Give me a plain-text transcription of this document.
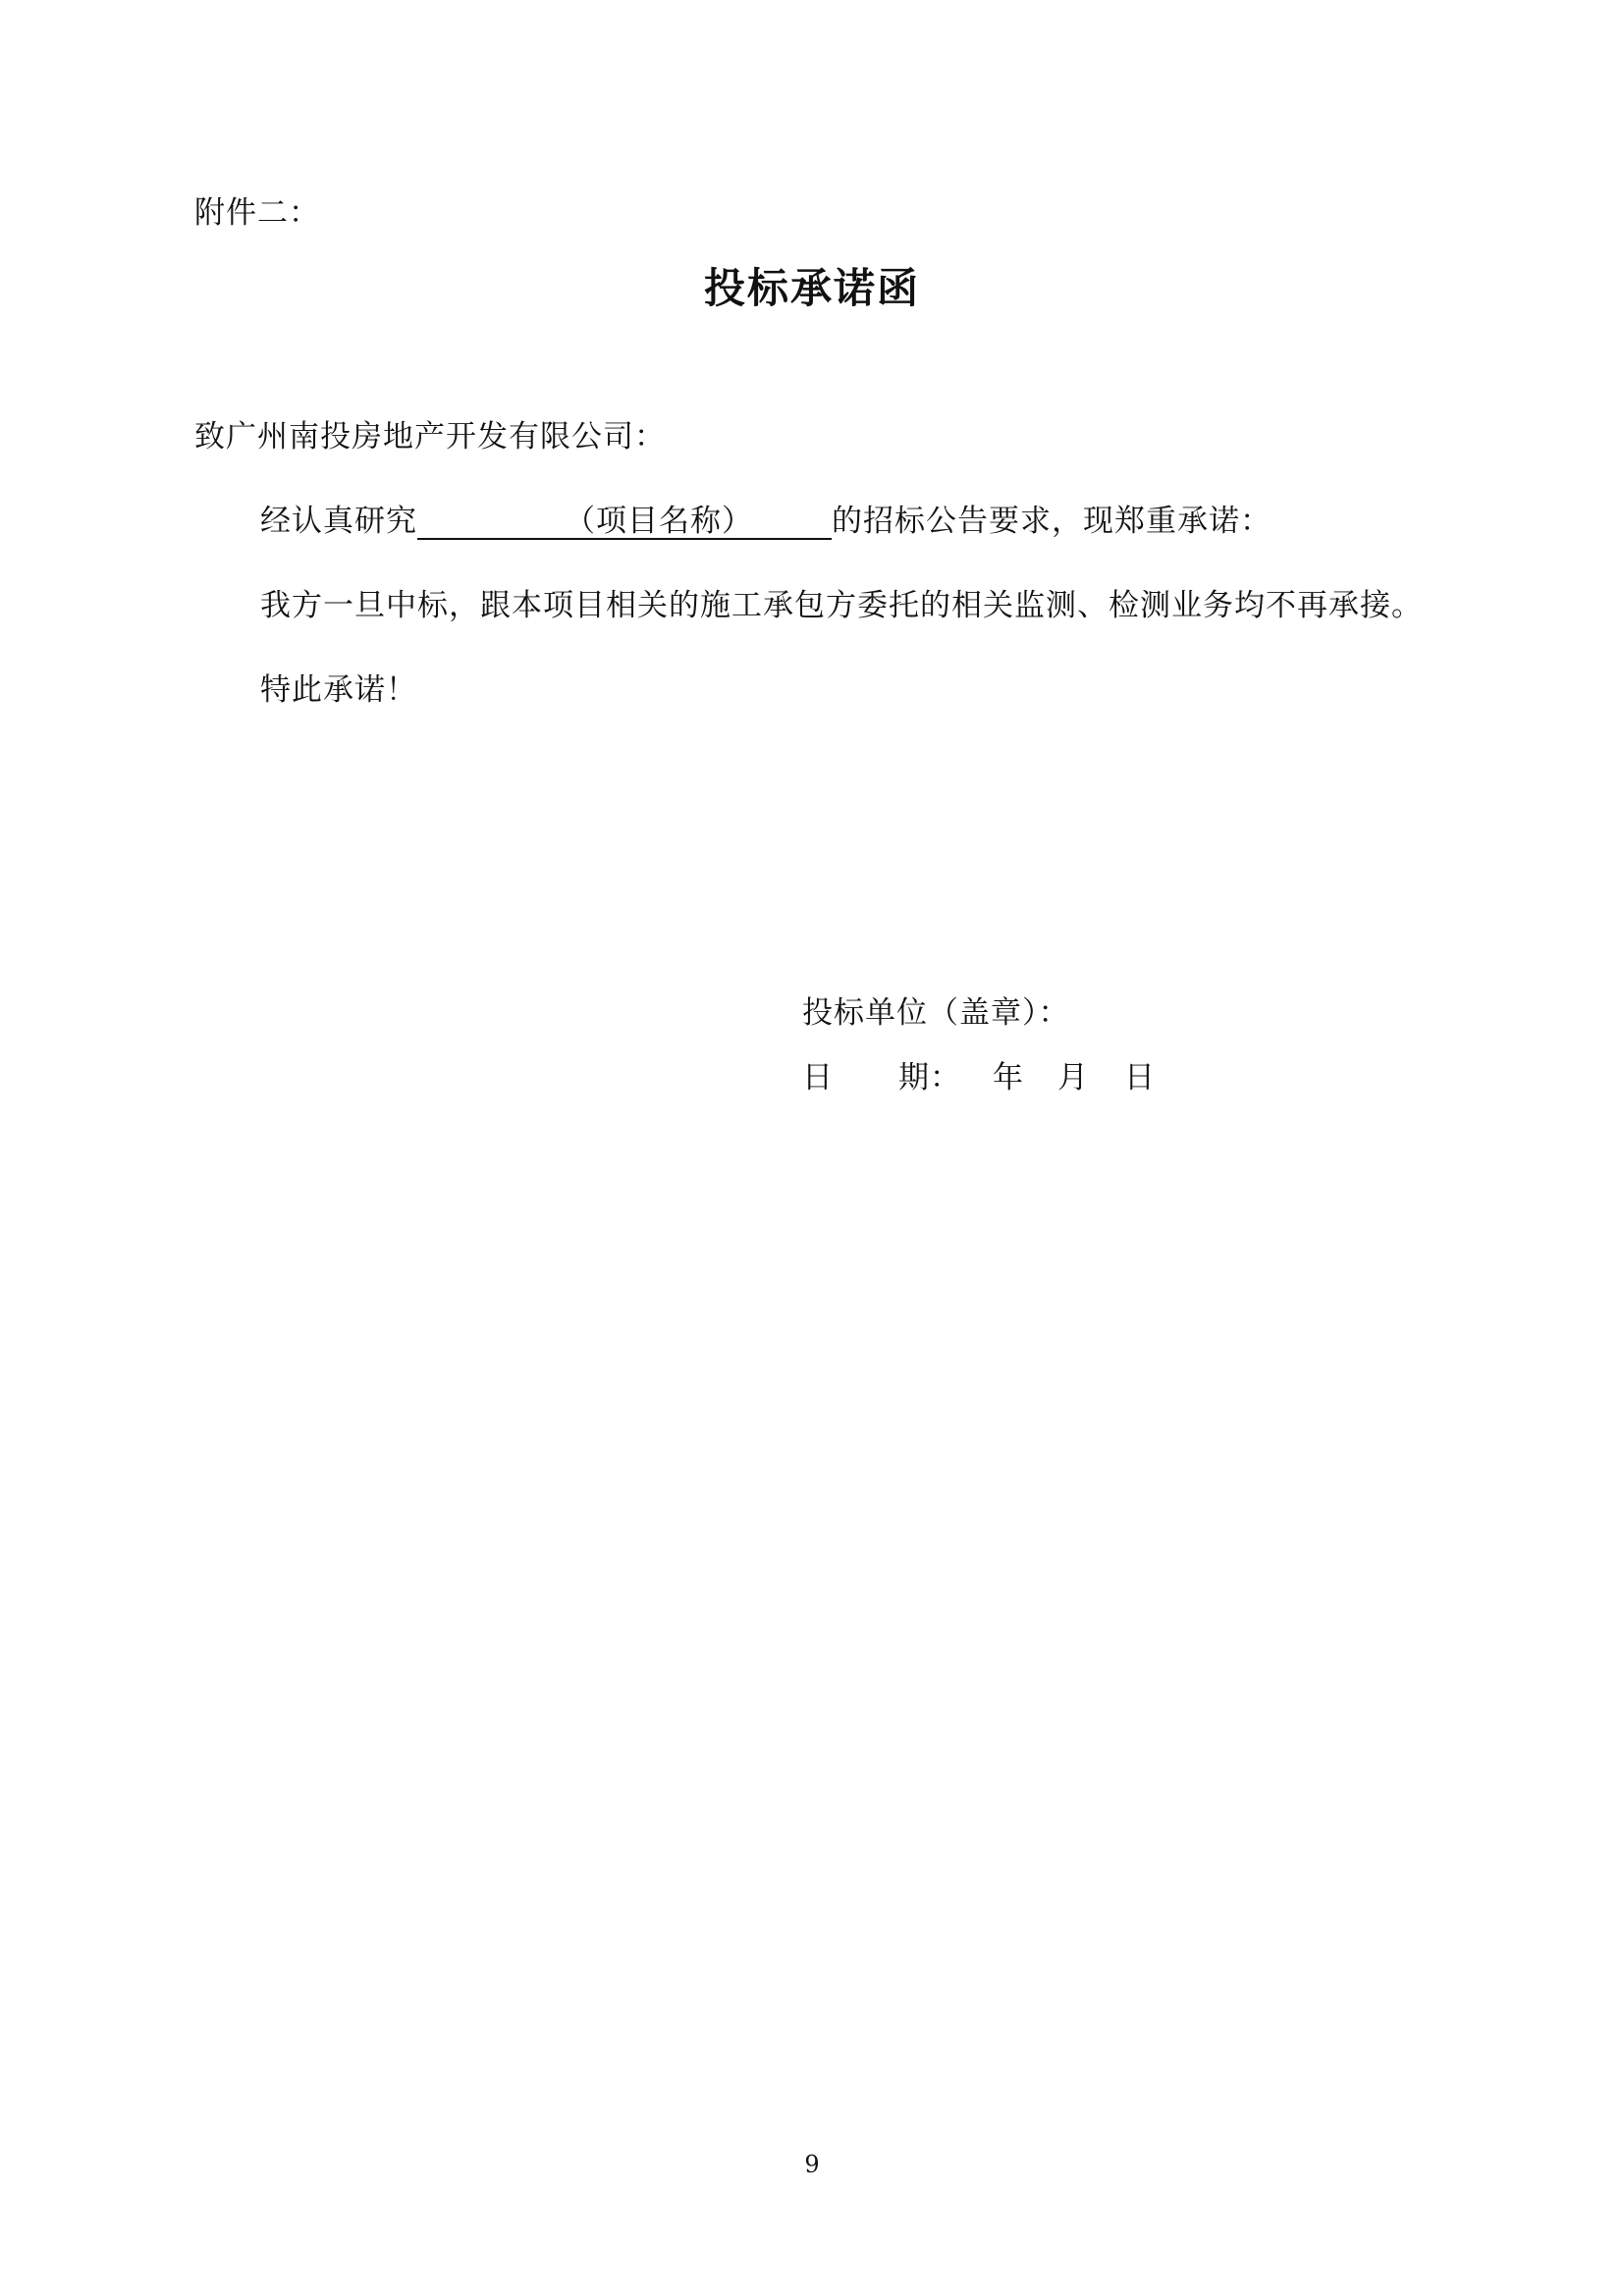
附件二：
投标承诺函
致广州南投房地产开发有限公司：
经认真研究	（项目名称）	的招标公告要求，现郑重承诺：
我方一旦中标，跟本项目相关的施工承包方委托的相关监测、检测业务均不再承接。
特此承诺！
投标单位（盖章）：
日	期：	年	月	日
9
